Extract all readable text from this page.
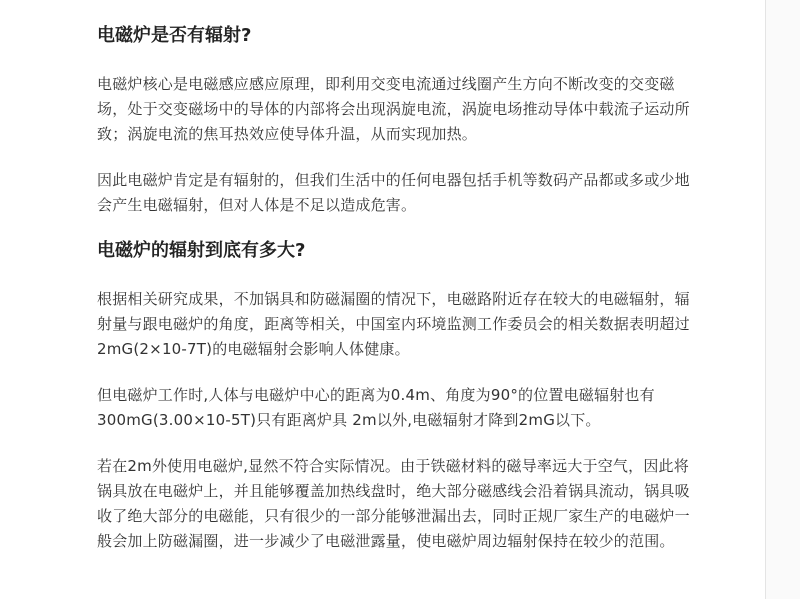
电磁炉是否有辐射?

电磁炉核心是电磁感应感应原理，即利用交变电流通过线圈产生方向不断改变的交变磁场，处于交变磁场中的导体的内部将会出现涡旋电流，涡旋电场推动导体中载流子运动所致；涡旋电流的焦耳热效应使导体升温，从而实现加热。

因此电磁炉肯定是有辐射的，但我们生活中的任何电器包括手机等数码产品都或多或少地会产生电磁辐射，但对人体是不足以造成危害。

电磁炉的辐射到底有多大?

根据相关研究成果，不加锅具和防磁漏圈的情况下，电磁路附近存在较大的电磁辐射，辐射量与跟电磁炉的角度，距离等相关，中国室内环境监测工作委员会的相关数据表明超过 2mG(2×10-7T)的电磁辐射会影响人体健康。

但电磁炉工作时,人体与电磁炉中心的距离为0.4m、角度为90°的位置电磁辐射也有300mG(3.00×10-5T)只有距离炉具 2m以外,电磁辐射才降到2mG以下。

若在2m外使用电磁炉,显然不符合实际情况。由于铁磁材料的磁导率远大于空气，因此将锅具放在电磁炉上，并且能够覆盖加热线盘时，绝大部分磁感线会沿着锅具流动，锅具吸收了绝大部分的电磁能，只有很少的一部分能够泄漏出去，同时正规厂家生产的电磁炉一般会加上防磁漏圈，进一步减少了电磁泄露量，使电磁炉周边辐射保持在较少的范围。
